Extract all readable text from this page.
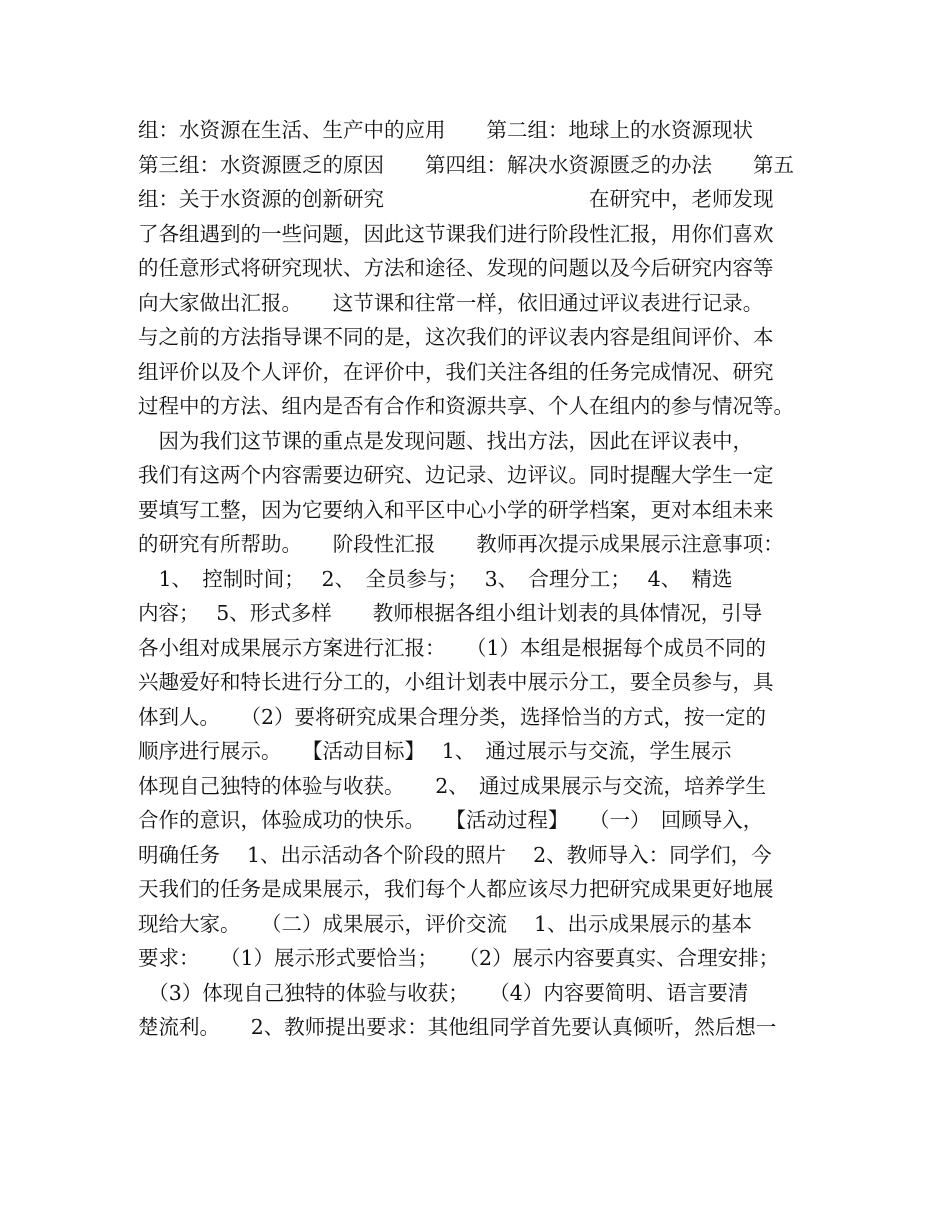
组：水资源在生活、生产中的应用　　第二组：地球上的水资源现状
第三组：水资源匮乏的原因　　第四组：解决水资源匮乏的办法　　第五
组：关于水资源的创新研究　　　　　　　　　　在研究中，老师发现
了各组遇到的一些问题，因此这节课我们进行阶段性汇报，用你们喜欢
的任意形式将研究现状、方法和途径、发现的问题以及今后研究内容等
向大家做出汇报。　　这节课和往常一样，依旧通过评议表进行记录。
与之前的方法指导课不同的是，这次我们的评议表内容是组间评价、本
组评价以及个人评价，在评价中，我们关注各组的任务完成情况、研究
过程中的方法、组内是否有合作和资源共享、个人在组内的参与情况等。
　因为我们这节课的重点是发现问题、找出方法，因此在评议表中，
我们有这两个内容需要边研究、边记录、边评议。同时提醒大学生一定
要填写工整，因为它要纳入和平区中心小学的研学档案，更对本组未来
的研究有所帮助。　　阶段性汇报　　教师再次提示成果展示注意事项：
　1、　控制时间；　 2、　全员参与；　 3、　合理分工；　 4、　精选
内容；　 5、形式多样　　教师根据各组小组计划表的具体情况，引导
各小组对成果展示方案进行汇报：　　（1）本组是根据每个成员不同的
兴趣爱好和特长进行分工的，小组计划表中展示分工，要全员参与，具
体到人。　　（2）要将研究成果合理分类，选择恰当的方式，按一定的
顺序进行展示。　　【活动目标】　 1、　通过展示与交流，学生展示
体现自己独特的体验与收获。　　2、　通过成果展示与交流，培养学生
合作的意识，体验成功的快乐。　　【活动过程】　　（一）　回顾导入，
明确任务　 1、出示活动各个阶段的照片　 2、教师导入：同学们，今
天我们的任务是成果展示，我们每个人都应该尽力把研究成果更好地展
现给大家。　　（二）成果展示，评价交流　 1、出示成果展示的基本
要求：　　（1）展示形式要恰当；　　（2）展示内容要真实、合理安排；
　（3）体现自己独特的体验与收获；　　（4）内容要简明、语言要清
楚流利。　　2、教师提出要求：其他组同学首先要认真倾听，然后想一
